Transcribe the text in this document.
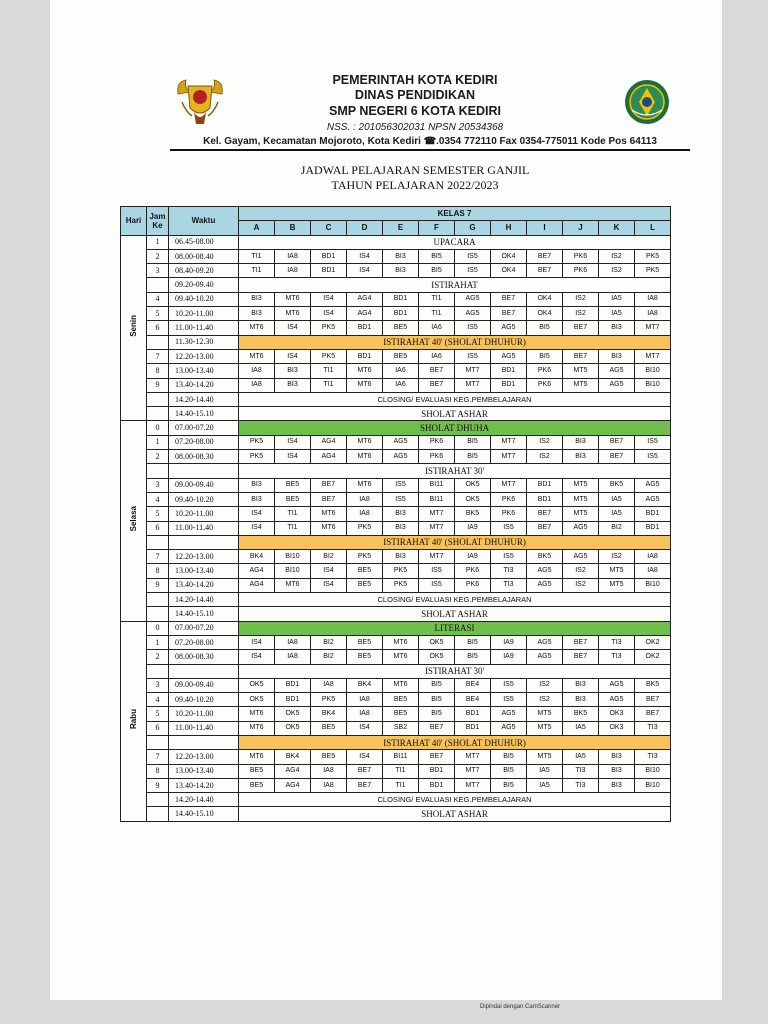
PEMERINTAH KOTA KEDIRI
DINAS PENDIDIKAN
SMP NEGERI 6 KOTA KEDIRI
NSS. : 201056302031 NPSN 20534368
Kel. Gayam, Kecamatan Mojoroto, Kota Kediri ☎.0354 772110 Fax 0354-775011 Kode Pos 64113
JADWAL PELAJARAN SEMESTER GANJIL
TAHUN PELAJARAN 2022/2023
Hari	Jam Ke	Waktu	KELAS 7											
			A	B	C	D	E	F	G	H	I	J	K	L
Senin	1	06.45-08.00	UPACARA											
	2	08.00-08.40	TI1	IA8	BD1	IS4	BI3	BI5	IS5	OK4	BE7	PK6	IS2	PK5
	3	08.40-09.20	TI1	IA8	BD1	IS4	BI3	BI5	IS5	OK4	BE7	PK6	IS2	PK5
		09.20-09.40	ISTIRAHAT											
	4	09.40-10.20	BI3	MT6	IS4	AG4	BD1	TI1	AG5	BE7	OK4	IS2	IA5	IA8
	5	10.20-11.00	BI3	MT6	IS4	AG4	BD1	TI1	AG5	BE7	OK4	IS2	IA5	IA8
	6	11.00-11.40	MT6	IS4	PK5	BD1	BE5	IA6	IS5	AG5	BI5	BE7	BI3	MT7
		11.30-12.30	ISTIRAHAT 40' (SHOLAT DHUHUR)											
	7	12.20-13.00	MT6	IS4	PK5	BD1	BE5	IA6	IS5	AG5	BI5	BE7	BI3	MT7
	8	13.00-13.40	IA8	BI3	TI1	MT6	IA6	BE7	MT7	BD1	PK6	MT5	AG5	BI10
	9	13.40-14.20	IA8	BI3	TI1	MT6	IA6	BE7	MT7	BD1	PK6	MT5	AG5	BI10
		14.20-14.40	CLOSING/ EVALUASI KEG.PEMBELAJARAN											
		14.40-15.10	SHOLAT ASHAR											
Selasa	0	07.00-07.20	SHOLAT DHUHA											
	1	07.20-08.00	PK5	IS4	AG4	MT6	AG5	PK6	BI5	MT7	IS2	BI3	BE7	IS5
	2	08.00-08.30	PK5	IS4	AG4	MT6	AG5	PK6	BI5	MT7	IS2	BI3	BE7	IS5
			ISTIRAHAT 30'											
	3	09.00-09.40	BI3	BE5	BE7	MT6	IS5	BI11	OK5	MT7	BD1	MT5	BK5	AG5
	4	09.40-10.20	BI3	BE5	BE7	IA8	IS5	BI11	OK5	PK6	BD1	MT5	IA5	AG5
	5	10.20-11.00	IS4	TI1	MT6	IA8	BI3	MT7	BK5	PK6	BE7	MT5	IA5	BD1
	6	11.00-11.40	IS4	TI1	MT6	PK5	BI3	MT7	IA9	IS5	BE7	AG5	BI2	BD1
			ISTIRAHAT 40' (SHOLAT DHUHUR)											
	7	12.20-13.00	BK4	BI10	BI2	PK5	BI3	MT7	IA9	IS5	BK5	AG5	IS2	IA8
	8	13.00-13.40	AG4	BI10	IS4	BE5	PK5	IS5	PK6	TI3	AG5	IS2	MT5	IA8
	9	13.40-14.20	AG4	MT6	IS4	BE5	PK5	IS5	PK6	TI3	AG5	IS2	MT5	BI10
		14.20-14.40	CLOSING/ EVALUASI KEG.PEMBELAJARAN											
		14.40-15.10	SHOLAT ASHAR											
Rabu	0	07.00-07.20	LITERASI											
	1	07.20-08.00	IS4	IA8	BI2	BE5	MT6	OK5	BI5	IA9	AG5	BE7	TI3	OK2
	2	08.00-08.30	IS4	IA8	BI2	BE5	MT6	OK5	BI5	IA9	AG5	BE7	TI3	OK2
			ISTIRAHAT 30'											
	3	09.00-09.40	OK5	BD1	IA8	BK4	MT6	BI5	BE4	IS5	IS2	BI3	AG5	BK5
	4	09.40-10.20	OK5	BD1	PK5	IA8	BE5	BI5	BE4	IS5	IS2	BI3	AG5	BE7
	5	10.20-11.00	MT6	OK5	BK4	IA8	BE5	BI5	BD1	AG5	MT5	BK5	OK3	BE7
	6	11.00-11.40	MT6	OK5	BE5	IS4	SB2	BE7	BD1	AG5	MT5	IA5	OK3	TI3
			ISTIRAHAT 40' (SHOLAT DHUHUR)											
	7	12.20-13.00	MT6	BK4	BE5	IS4	BI11	BE7	MT7	BI5	MT5	IA5	BI3	TI3
	8	13.00-13.40	BE5	AG4	IA8	BE7	TI1	BD1	MT7	BI5	IA5	TI3	BI3	BI10
	9	13.40-14.20	BE5	AG4	IA8	BE7	TI1	BD1	MT7	BI5	IA5	TI3	BI3	BI10
		14.20-14.40	CLOSING/ EVALUASI KEG.PEMBELAJARAN											
		14.40-15.10	SHOLAT ASHAR											
Dipindai dengan CamScanner
